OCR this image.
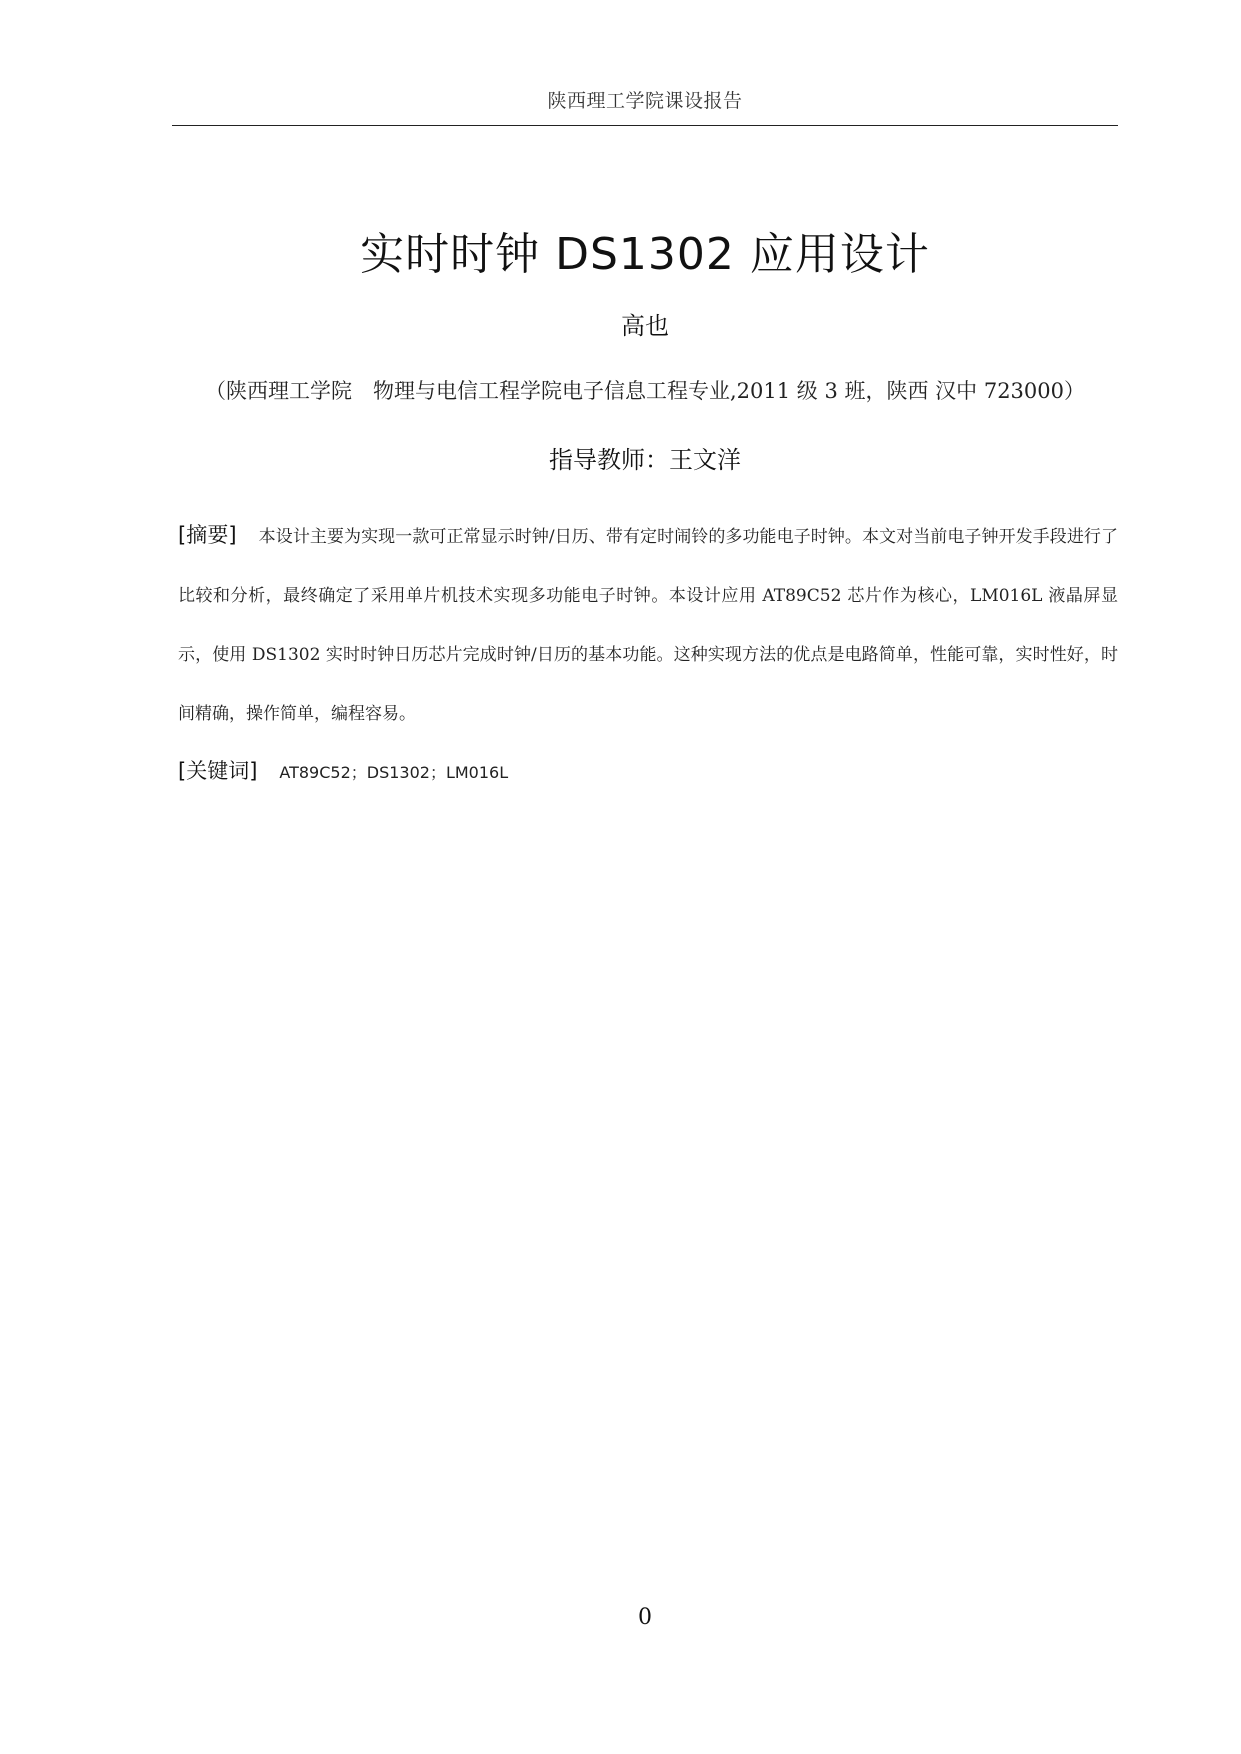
陕西理工学院课设报告
实时时钟 DS1302 应用设计
高也
（陕西理工学院　物理与电信工程学院电子信息工程专业,2011 级 3 班，陕西 汉中 723000）
指导教师：王文洋
[摘要] 本设计主要为实现一款可正常显示时钟/日历、带有定时闹铃的多功能电子时钟。本文对当前电子钟开发手段进行了比较和分析，最终确定了采用单片机技术实现多功能电子时钟。本设计应用 AT89C52 芯片作为核心，LM016L 液晶屏显示，使用 DS1302 实时时钟日历芯片完成时钟/日历的基本功能。这种实现方法的优点是电路简单，性能可靠，实时性好，时间精确，操作简单，编程容易。
[关键词] AT89C52；DS1302；LM016L
0
